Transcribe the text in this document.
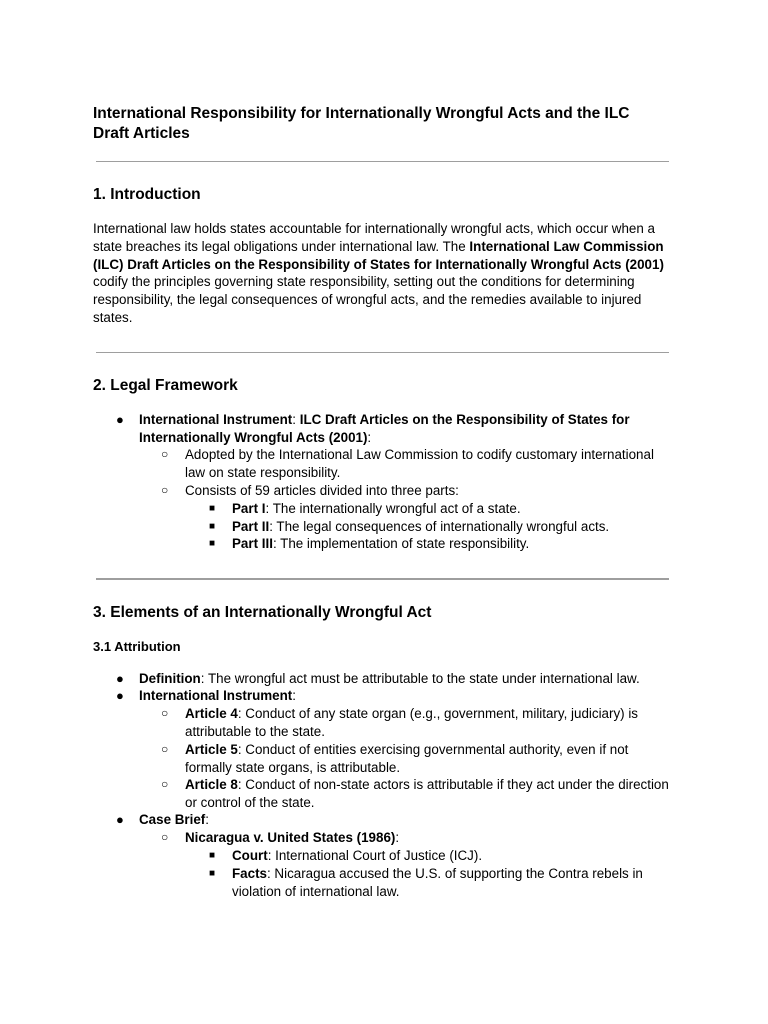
International Responsibility for Internationally Wrongful Acts and the ILC Draft Articles
1. Introduction

International law holds states accountable for internationally wrongful acts, which occur when a state breaches its legal obligations under international law. The International Law Commission (ILC) Draft Articles on the Responsibility of States for Internationally Wrongful Acts (2001) codify the principles governing state responsibility, setting out the conditions for determining responsibility, the legal consequences of wrongful acts, and the remedies available to injured states.

2. Legal Framework
● International Instrument: ILC Draft Articles on the Responsibility of States for Internationally Wrongful Acts (2001):

○ Adopted by the International Law Commission to codify customary international law on state responsibility.

○ Consists of 59 articles divided into three parts:

■ Part I: The internationally wrongful act of a state.

■ Part II: The legal consequences of internationally wrongful acts.

■ Part III: The implementation of state responsibility.

3. Elements of an Internationally Wrongful Act
3.1 Attribution
● Definition: The wrongful act must be attributable to the state under international law.

● International Instrument:

○ Article 4: Conduct of any state organ (e.g., government, military, judiciary) is attributable to the state.

○ Article 5: Conduct of entities exercising governmental authority, even if not formally state organs, is attributable.

○ Article 8: Conduct of non-state actors is attributable if they act under the direction or control of the state.

● Case Brief:

○ Nicaragua v. United States (1986):

■ Court: International Court of Justice (ICJ).

■ Facts: Nicaragua accused the U.S. of supporting the Contra rebels in violation of international law.
